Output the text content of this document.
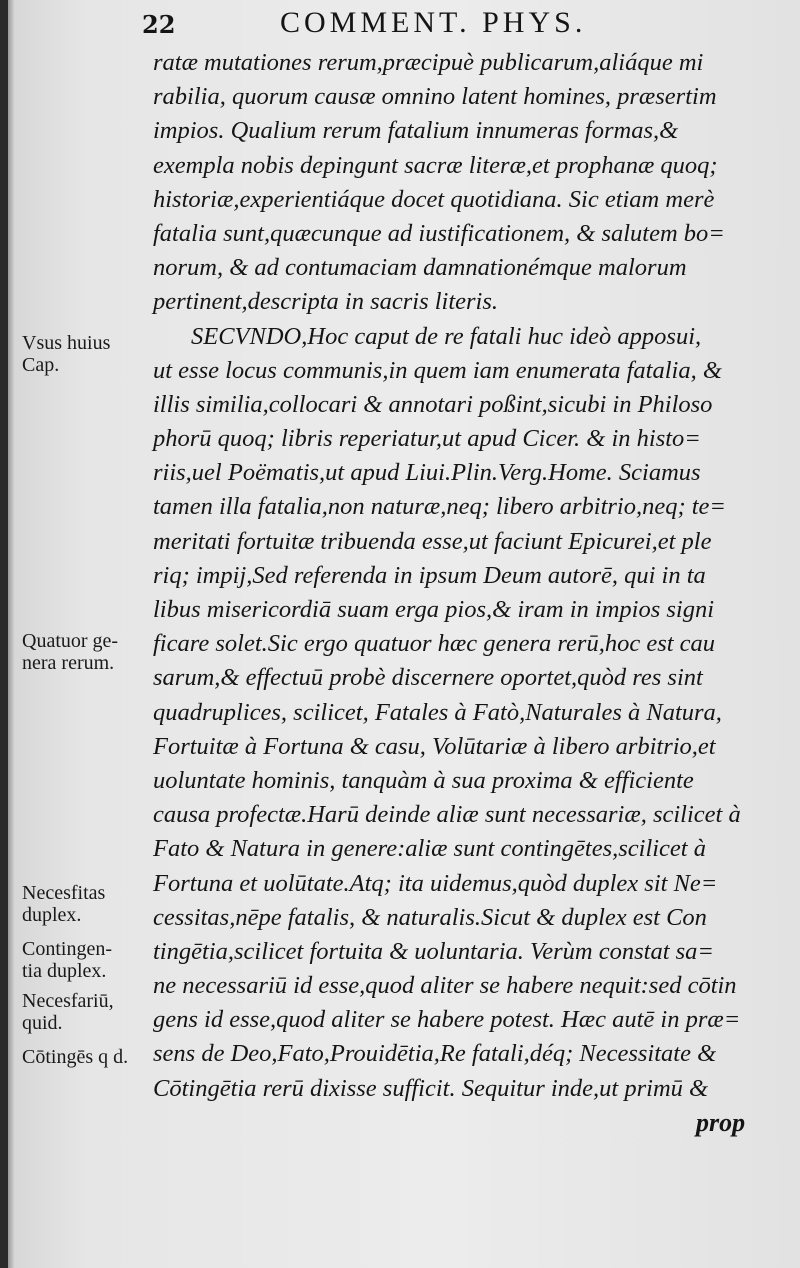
22	COMMENT. PHYS.
ratæ mutationes rerum,præcipuè publicarum,aliáque mi
rabilia, quorum causæ omnino latent homines, præsertim
impios. Qualium rerum fatalium innumeras formas,&
exempla nobis depingunt sacræ literæ,et prophanæ quoq;
historiæ,experientiáque docet quotidiana. Sic etiam merè
fatalia sunt,quæcunque ad iustificationem, & salutem bo=
norum, & ad contumaciam damnationémque malorum
pertinent,descripta in sacris literis.
SECVNDO,Hoc caput de re fatali huc ideò apposui,
ut esse locus communis,in quem iam enumerata fatalia, &
illis similia,collocari & annotari poßint,sicubi in Philoso
phorū quoq; libris reperiatur,ut apud Cicer. & in histo=
riis,uel Poëmatis,ut apud Liui.Plin.Verg.Home. Sciamus
tamen illa fatalia,non naturæ,neq; libero arbitrio,neq; te=
meritati fortuitæ tribuenda esse,ut faciunt Epicurei,et ple
riq; impij,Sed referenda in ipsum Deum autorē, qui in ta
libus misericordiā suam erga pios,& iram in impios signi
ficare solet.Sic ergo quatuor hæc genera rerū,hoc est cau
sarum,& effectuū probè discernere oportet,quòd res sint
quadruplices, scilicet, Fatales à Fatò,Naturales à Natura,
Fortuitæ à Fortuna & casu, Volūtariæ à libero arbitrio,et
uoluntate hominis, tanquàm à sua proxima & efficiente
causa profectæ.Harū deinde aliæ sunt necessariæ, scilicet à
Fato & Natura in genere:aliæ sunt contingētes,scilicet à
Fortuna et uolūtate.Atq; ita uidemus,quòd duplex sit Ne=
cessitas,nēpe fatalis, & naturalis.Sicut & duplex est Con
tingētia,scilicet fortuita & uoluntaria. Verùm constat sa=
ne necessariū id esse,quod aliter se habere nequit:sed cōtin
gens id esse,quod aliter se habere potest. Hæc autē in præ=
sens de Deo,Fato,Prouidētia,Re fatali,déq; Necessitate &
Cōtingētia rerū dixisse sufficit. Sequitur inde,ut primū &
Vsus huius
Cap.
Quatuor ge-
nera rerum.
Necesfitas
duplex.
Contingen-
tia duplex.
Necesfariū,
quid.
Cōtingēs q d.
prop
